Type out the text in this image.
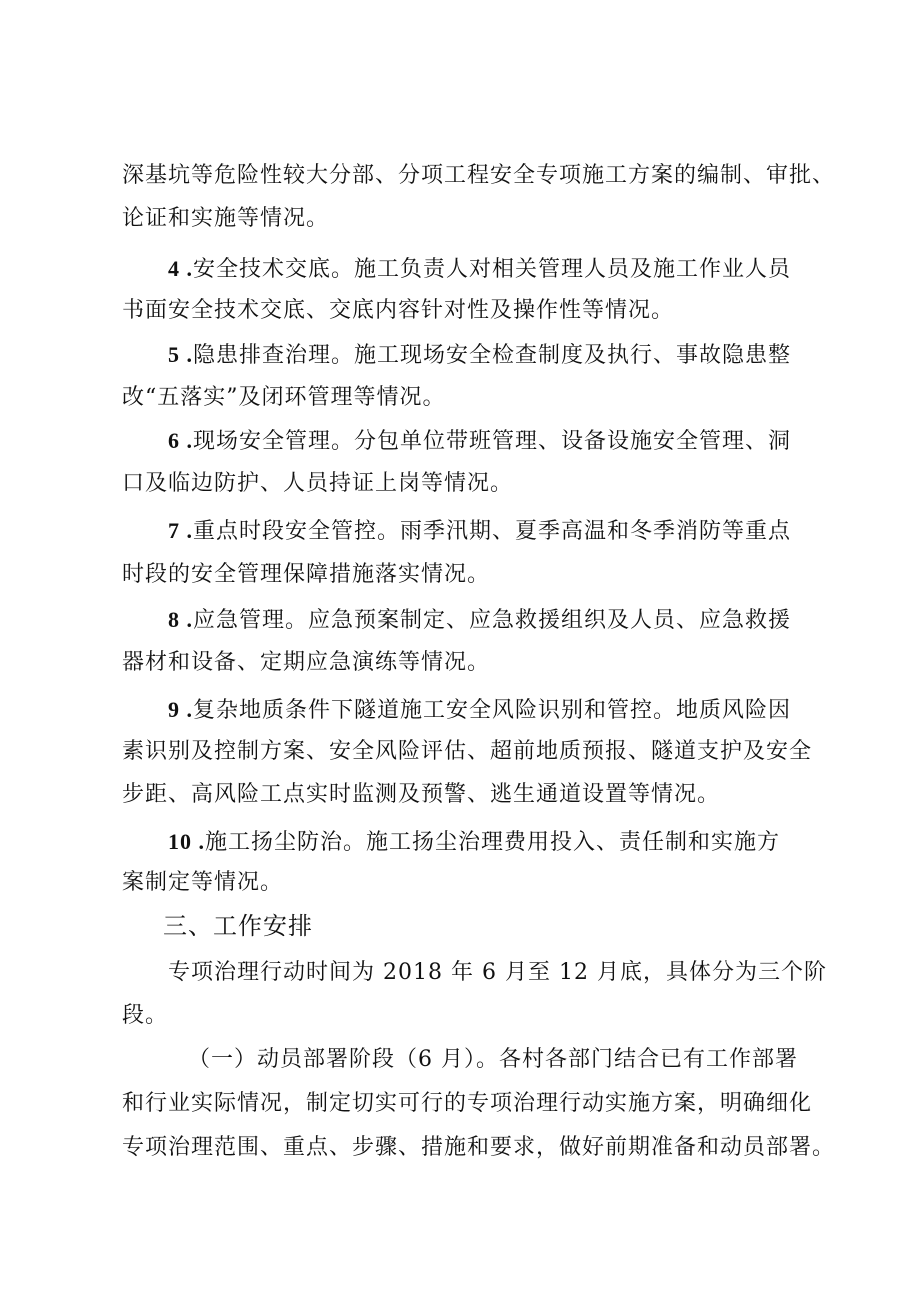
深基坑等危险性较大分部、分项工程安全专项施工方案的编制、审批、
论证和实施等情况。
4 .安全技术交底。施工负责人对相关管理人员及施工作业人员
书面安全技术交底、交底内容针对性及操作性等情况。
5 .隐患排查治理。施工现场安全检查制度及执行、事故隐患整
改“五落实”及闭环管理等情况。
6 .现场安全管理。分包单位带班管理、设备设施安全管理、洞
口及临边防护、人员持证上岗等情况。
7 .重点时段安全管控。雨季汛期、夏季高温和冬季消防等重点
时段的安全管理保障措施落实情况。
8 .应急管理。应急预案制定、应急救援组织及人员、应急救援
器材和设备、定期应急演练等情况。
9 .复杂地质条件下隧道施工安全风险识别和管控。地质风险因
素识别及控制方案、安全风险评估、超前地质预报、隧道支护及安全
步距、高风险工点实时监测及预警、逃生通道设置等情况。
10 .施工扬尘防治。施工扬尘治理费用投入、责任制和实施方
案制定等情况。
三、工作安排
专项治理行动时间为 2018 年 6 月至 12 月底，具体分为三个阶
段。
（一）动员部署阶段（6 月）。各村各部门结合已有工作部署
和行业实际情况，制定切实可行的专项治理行动实施方案，明确细化
专项治理范围、重点、步骤、措施和要求，做好前期准备和动员部署。
